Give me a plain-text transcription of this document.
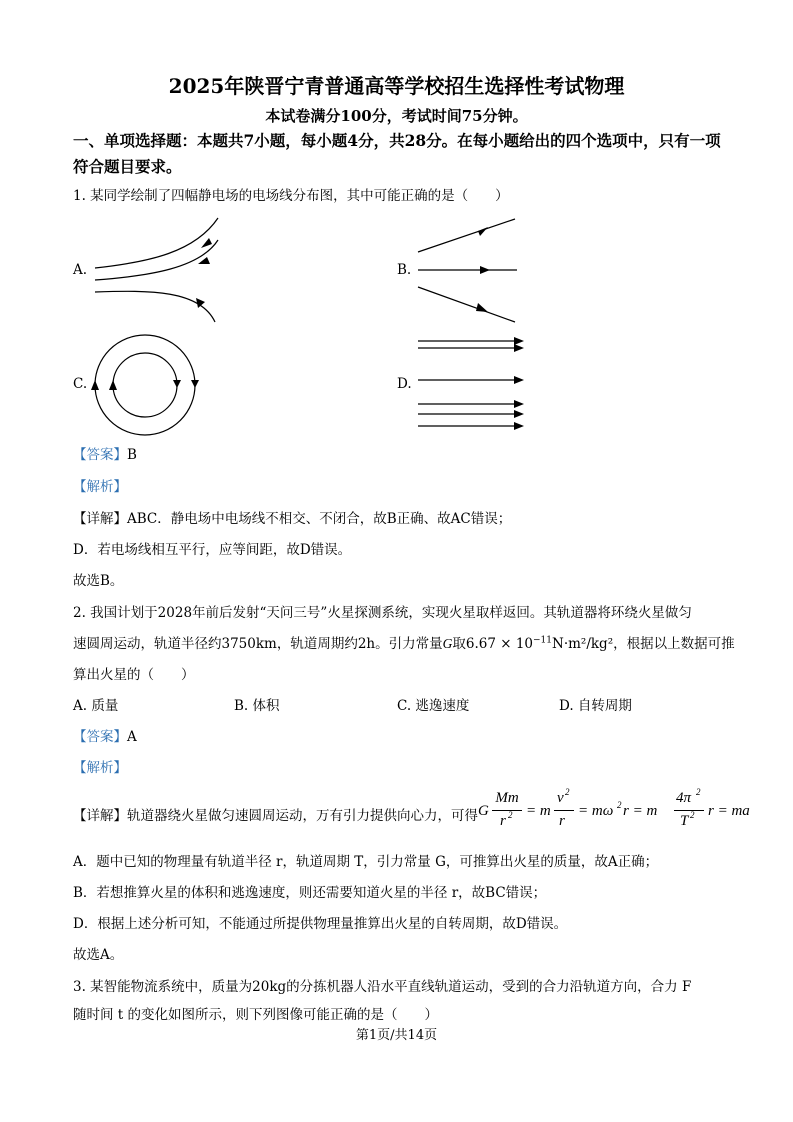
2025年陕晋宁青普通高等学校招生选择性考试物理
本试卷满分100分，考试时间75分钟。
一、单项选择题：本题共7小题，每小题4分，共28分。在每小题给出的四个选项中，只有一项符合题目要求。
1. 某同学绘制了四幅静电场的电场线分布图，其中可能正确的是（　　）
A.	B.
C.	D.
【答案】B
【解析】
【详解】ABC．静电场中电场线不相交、不闭合，故B正确、故AC错误；
D．若电场线相互平行，应等间距，故D错误。
故选B。
2. 我国计划于2028年前后发射“天问三号”火星探测系统，实现火星取样返回。其轨道器将环绕火星做匀
速圆周运动，轨道半径约3750km，轨道周期约2h。引力常量G取$6.67 \times 10^{-11}N\cdot m^2$/kg²，根据以上数据可推
算出火星的（　　）
A. 质量	B. 体积	C. 逃逸速度	D. 自转周期
【答案】A
【解析】
【详解】轨道器绕火星做匀速圆周运动，万有引力提供向心力，可得 G
Mm
r 2 = m
v 2
r
= mω 2 r = m
4π 2
T 2 r = ma
A．题中已知的物理量有轨道半径 r，轨道周期 T，引力常量 G，可推算出火星的质量，故A正确；
B．若想推算火星的体积和逃逸速度，则还需要知道火星的半径 r，故BC错误；
D．根据上述分析可知，不能通过所提供物理量推算出火星的自转周期，故D错误。
故选A。
3. 某智能物流系统中，质量为20kg的分拣机器人沿水平直线轨道运动，受到的合力沿轨道方向，合力 F
随时间 t 的变化如图所示，则下列图像可能正确的是（　　）
第1页/共14页
